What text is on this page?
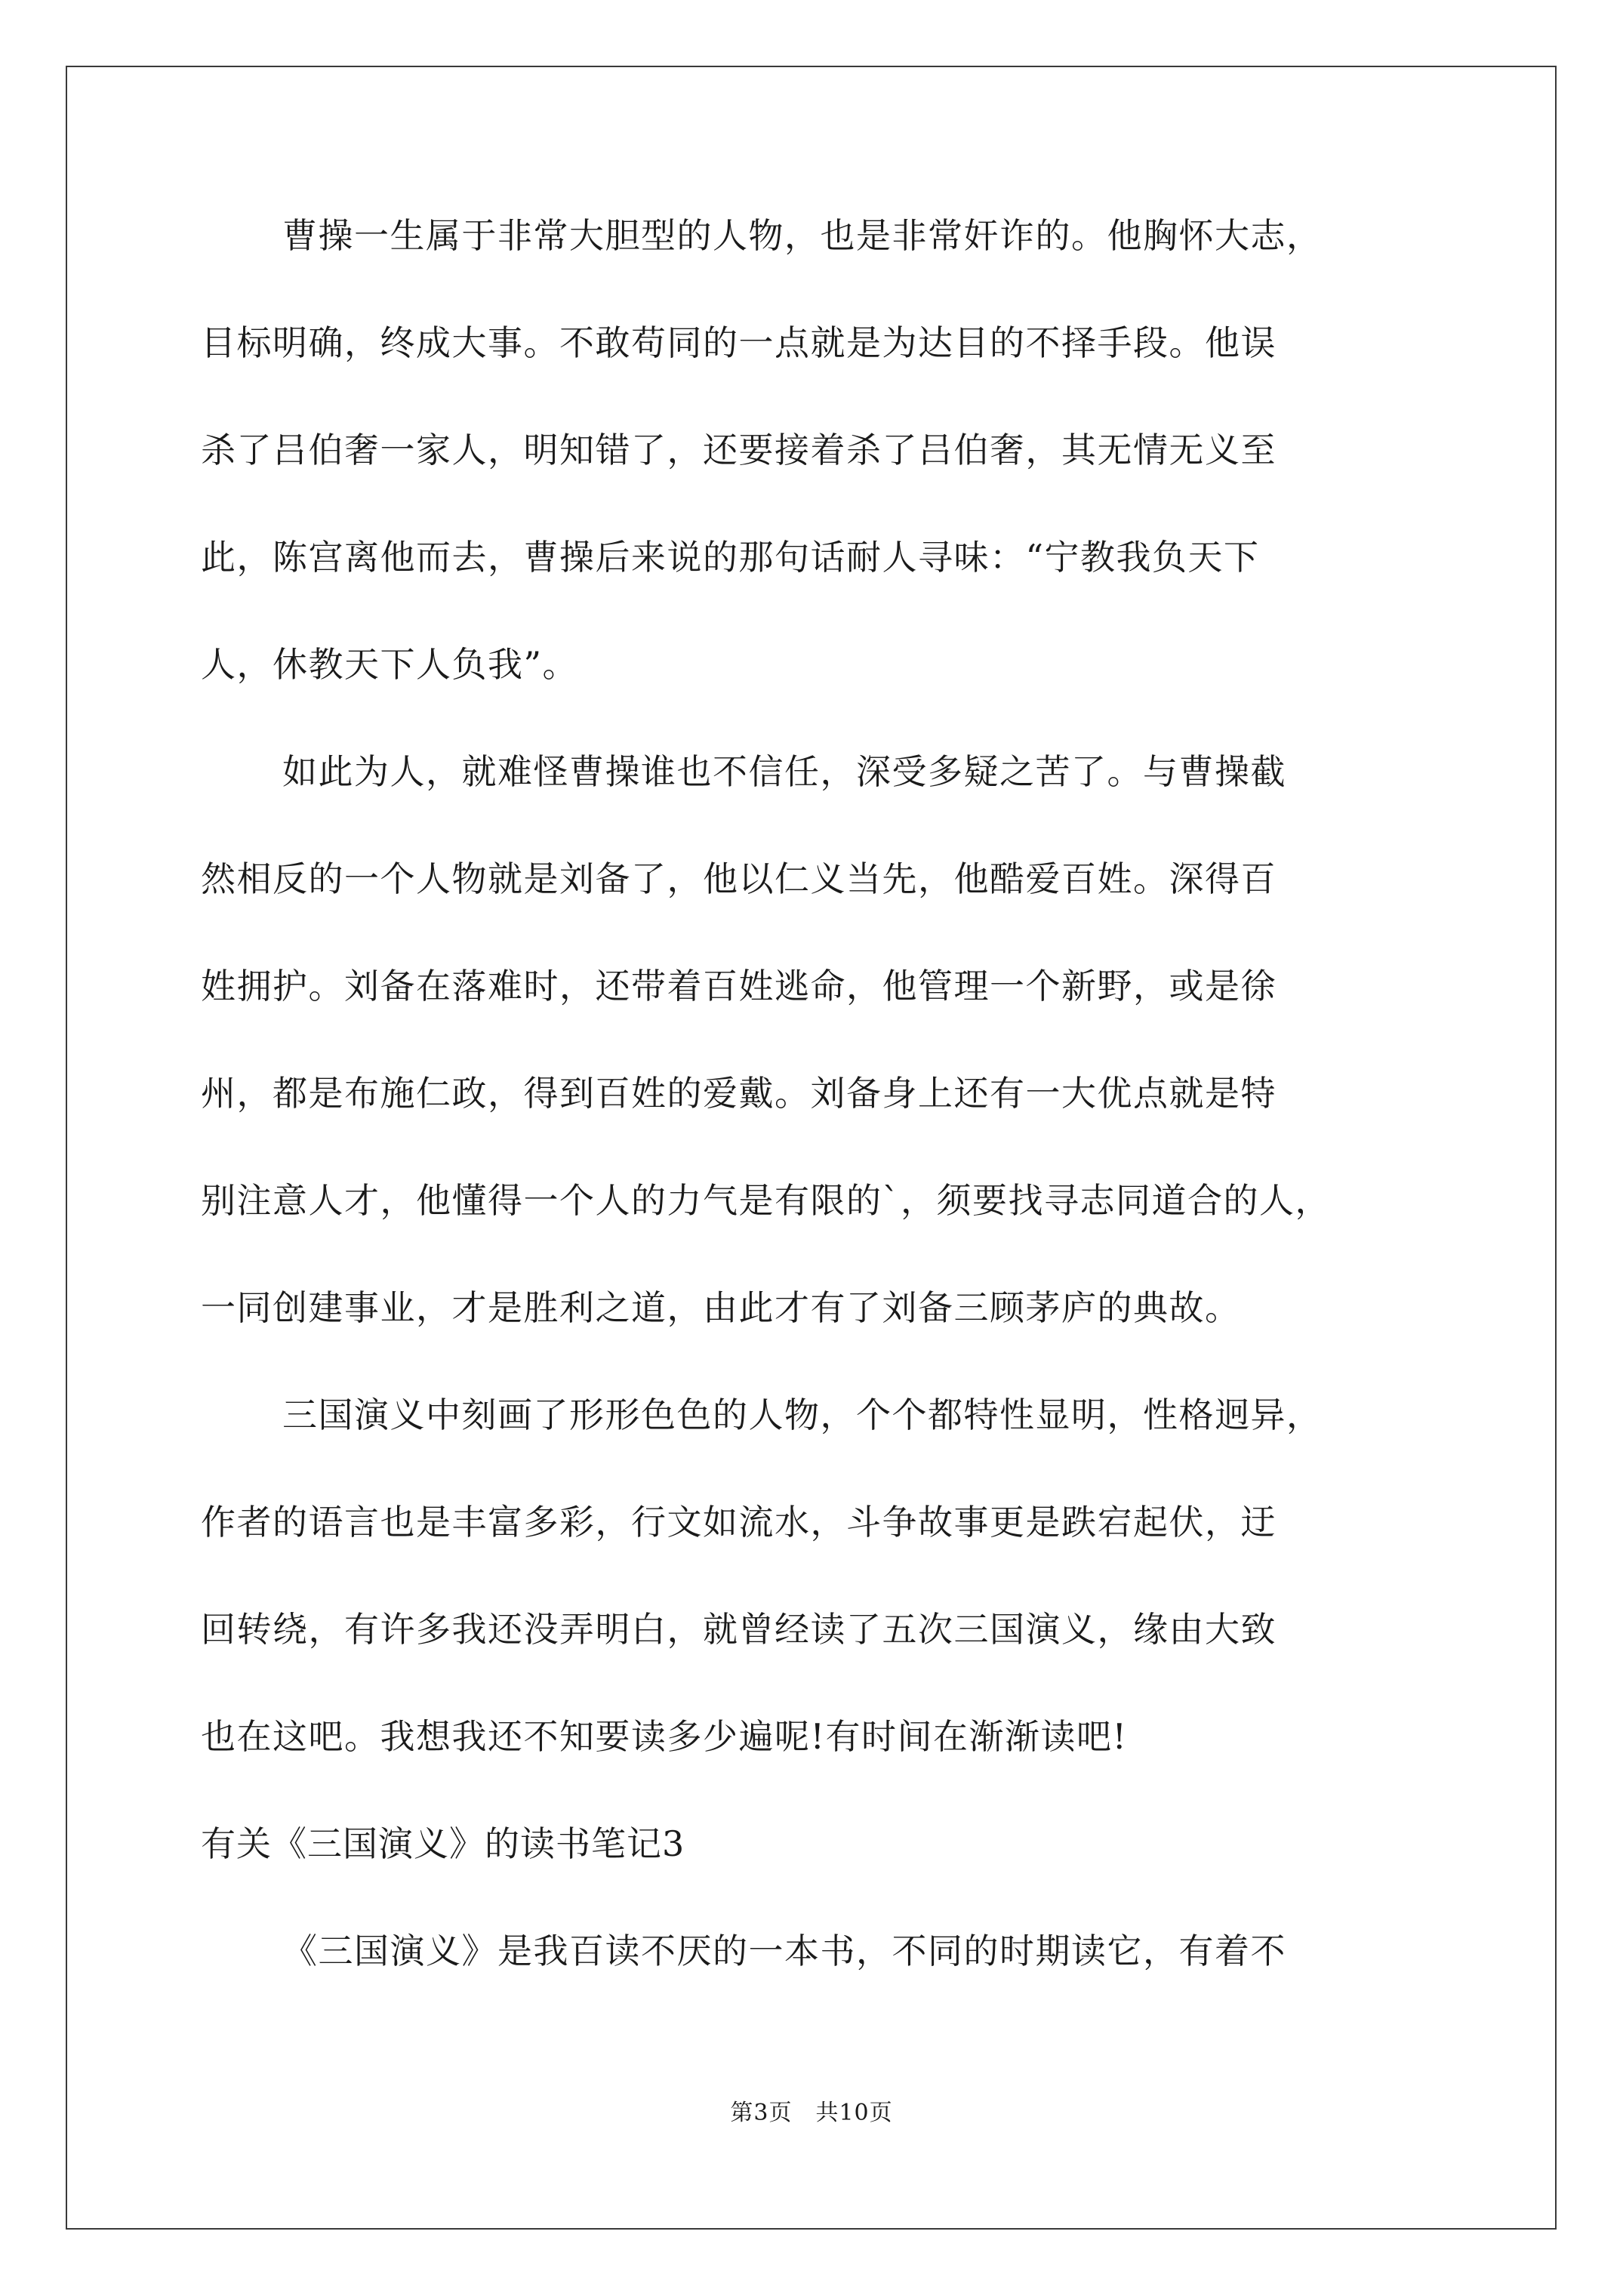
曹操一生属于非常大胆型的人物，也是非常奸诈的。他胸怀大志，
目标明确，终成大事。不敢苟同的一点就是为达目的不择手段。他误
杀了吕伯奢一家人，明知错了，还要接着杀了吕伯奢，其无情无义至
此，陈宫离他而去，曹操后来说的那句话耐人寻味：“宁教我负天下
人，休教天下人负我”。
如此为人，就难怪曹操谁也不信任，深受多疑之苦了。与曹操截
然相反的一个人物就是刘备了，他以仁义当先，他酷爱百姓。深得百
姓拥护。刘备在落难时，还带着百姓逃命，他管理一个新野，或是徐
州，都是布施仁政，得到百姓的爱戴。刘备身上还有一大优点就是特
别注意人才，他懂得一个人的力气是有限的`，须要找寻志同道合的人，
一同创建事业，才是胜利之道，由此才有了刘备三顾茅庐的典故。
三国演义中刻画了形形色色的人物，个个都特性显明，性格迥异，
作者的语言也是丰富多彩，行文如流水，斗争故事更是跌宕起伏，迂
回转绕，有许多我还没弄明白，就曾经读了五次三国演义，缘由大致
也在这吧。我想我还不知要读多少遍呢!有时间在渐渐读吧!
有关《三国演义》的读书笔记3
《三国演义》是我百读不厌的一本书，不同的时期读它，有着不
第3页　共10页
